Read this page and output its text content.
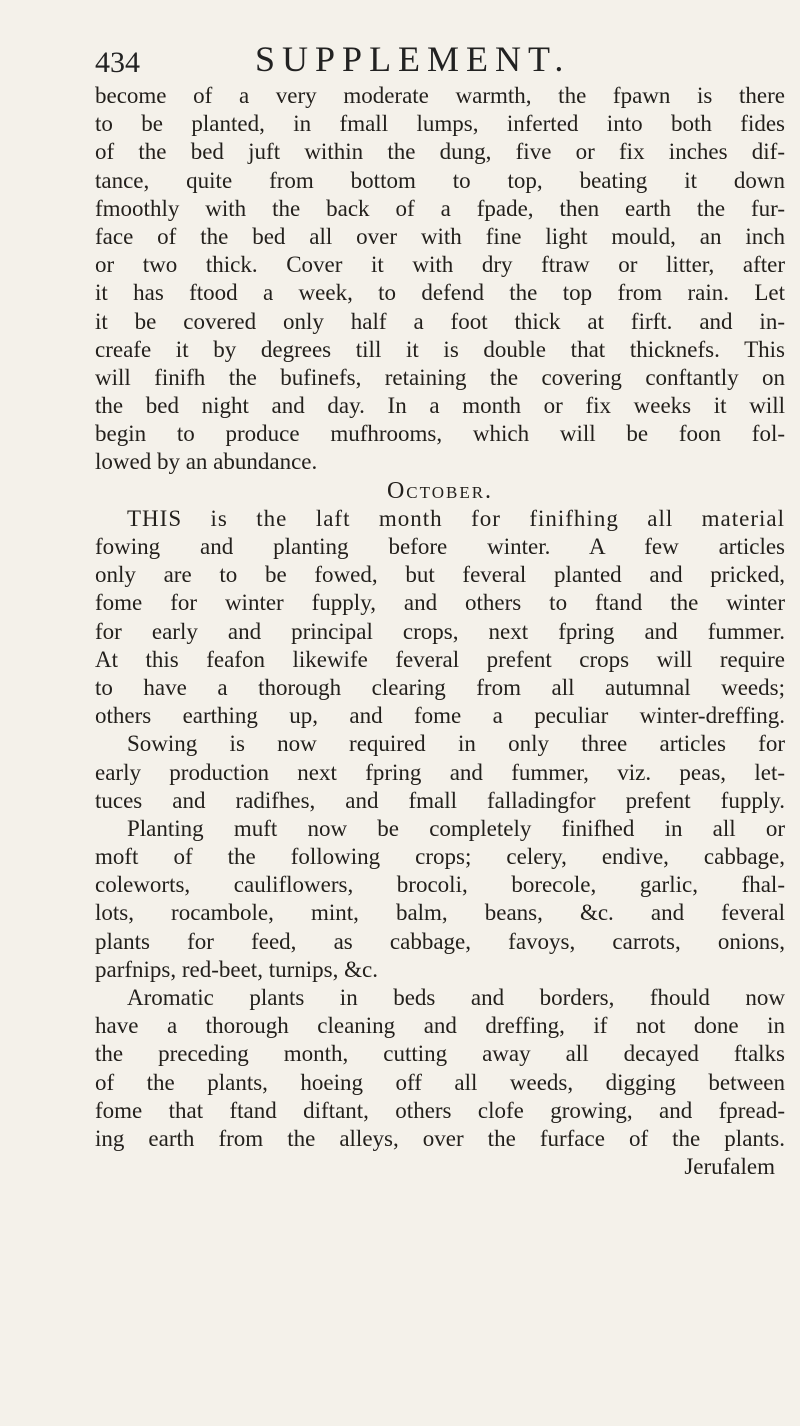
434	SUPPLEMENT.
become of a very moderate warmth, the fpawn is there
to be planted, in fmall lumps, inferted into both fides
of the bed juft within the dung, five or fix inches dif-
tance, quite from bottom to top, beating it down
fmoothly with the back of a fpade, then earth the fur-
face of the bed all over with fine light mould, an inch
or two thick. Cover it with dry ftraw or litter, after
it has ftood a week, to defend the top from rain. Let
it be covered only half a foot thick at firft. and in-
creafe it by degrees till it is double that thicknefs. This
will finifh the bufinefs, retaining the covering conftantly on
the bed night and day. In a month or fix weeks it will
begin to produce mufhrooms, which will be foon fol-
lowed by an abundance.
October.
THIS is the laft month for finifhing all material
fowing and planting before winter. A few articles
only are to be fowed, but feveral planted and pricked,
fome for winter fupply, and others to ftand the winter
for early and principal crops, next fpring and fummer.
At this feafon likewife feveral prefent crops will require
to have a thorough clearing from all autumnal weeds;
others earthing up, and fome a peculiar winter-dreffing.
Sowing is now required in only three articles for
early production next fpring and fummer, viz. peas, let-
tuces and radifhes, and fmall falladingfor prefent fupply.
Planting muft now be completely finifhed in all or
moft of the following crops; celery, endive, cabbage,
coleworts, cauliflowers, brocoli, borecole, garlic, fhal-
lots, rocambole, mint, balm, beans, &c. and feveral
plants for feed, as cabbage, favoys, carrots, onions,
parfnips, red-beet, turnips, &c.
Aromatic plants in beds and borders, fhould now
have a thorough cleaning and dreffing, if not done in
the preceding month, cutting away all decayed ftalks
of the plants, hoeing off all weeds, digging between
fome that ftand diftant, others clofe growing, and fpread-
ing earth from the alleys, over the furface of the plants.
Jerufalem
